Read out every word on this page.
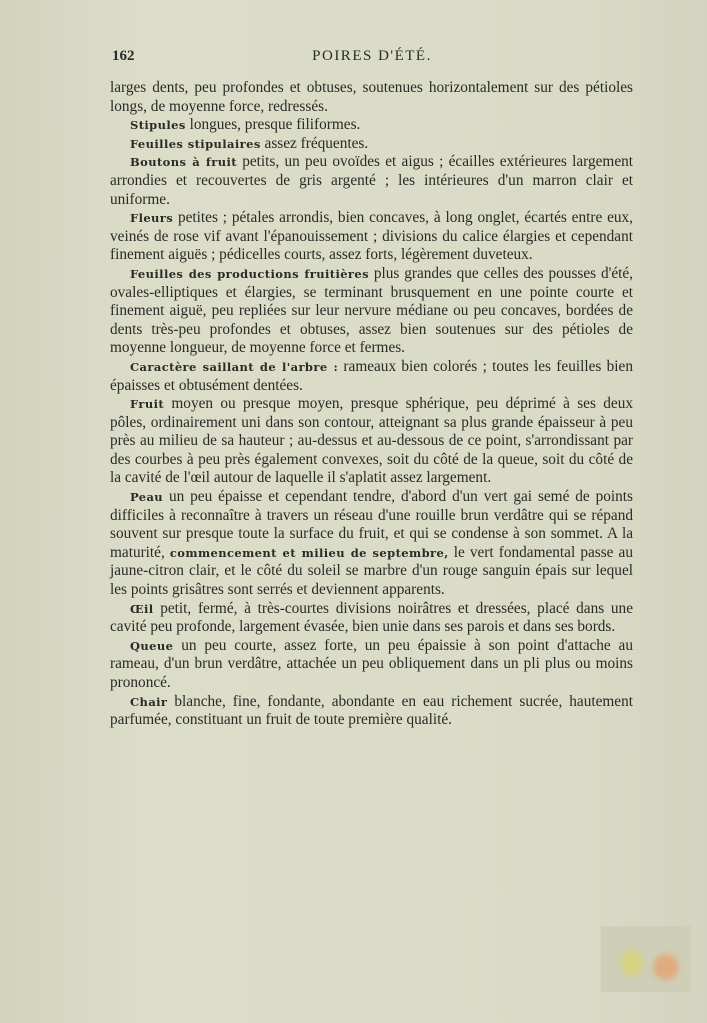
162	POIRES D'ÉTÉ.

larges dents, peu profondes et obtuses, soutenues horizontalement sur des pétioles longs, de moyenne force, redressés.

Stipules longues, presque filiformes.

Feuilles stipulaires assez fréquentes.

Boutons à fruit petits, un peu ovoïdes et aigus ; écailles extérieures largement arrondies et recouvertes de gris argenté ; les intérieures d'un marron clair et uniforme.

Fleurs petites ; pétales arrondis, bien concaves, à long onglet, écartés entre eux, veinés de rose vif avant l'épanouissement ; divisions du calice élargies et cependant finement aiguës ; pédicelles courts, assez forts, légèrement duveteux.

Feuilles des productions fruitières plus grandes que celles des pousses d'été, ovales-elliptiques et élargies, se terminant brusquement en une pointe courte et finement aiguë, peu repliées sur leur nervure médiane ou peu concaves, bordées de dents très-peu profondes et obtuses, assez bien soutenues sur des pétioles de moyenne longueur, de moyenne force et fermes.

Caractère saillant de l'arbre : rameaux bien colorés ; toutes les feuilles bien épaisses et obtusément dentées.

Fruit moyen ou presque moyen, presque sphérique, peu déprimé à ses deux pôles, ordinairement uni dans son contour, atteignant sa plus grande épaisseur à peu près au milieu de sa hauteur ; au-dessus et au-dessous de ce point, s'arrondissant par des courbes à peu près également convexes, soit du côté de la queue, soit du côté de la cavité de l'œil autour de laquelle il s'aplatit assez largement.

Peau un peu épaisse et cependant tendre, d'abord d'un vert gai semé de points difficiles à reconnaître à travers un réseau d'une rouille brun verdâtre qui se répand souvent sur presque toute la surface du fruit, et qui se condense à son sommet. A la maturité, commencement et milieu de septembre, le vert fondamental passe au jaune-citron clair, et le côté du soleil se marbre d'un rouge sanguin épais sur lequel les points grisâtres sont serrés et deviennent apparents.

Œil petit, fermé, à très-courtes divisions noirâtres et dressées, placé dans une cavité peu profonde, largement évasée, bien unie dans ses parois et dans ses bords.

Queue un peu courte, assez forte, un peu épaissie à son point d'attache au rameau, d'un brun verdâtre, attachée un peu obliquement dans un pli plus ou moins prononcé.

Chair blanche, fine, fondante, abondante en eau richement sucrée, hautement parfumée, constituant un fruit de toute première qualité.
